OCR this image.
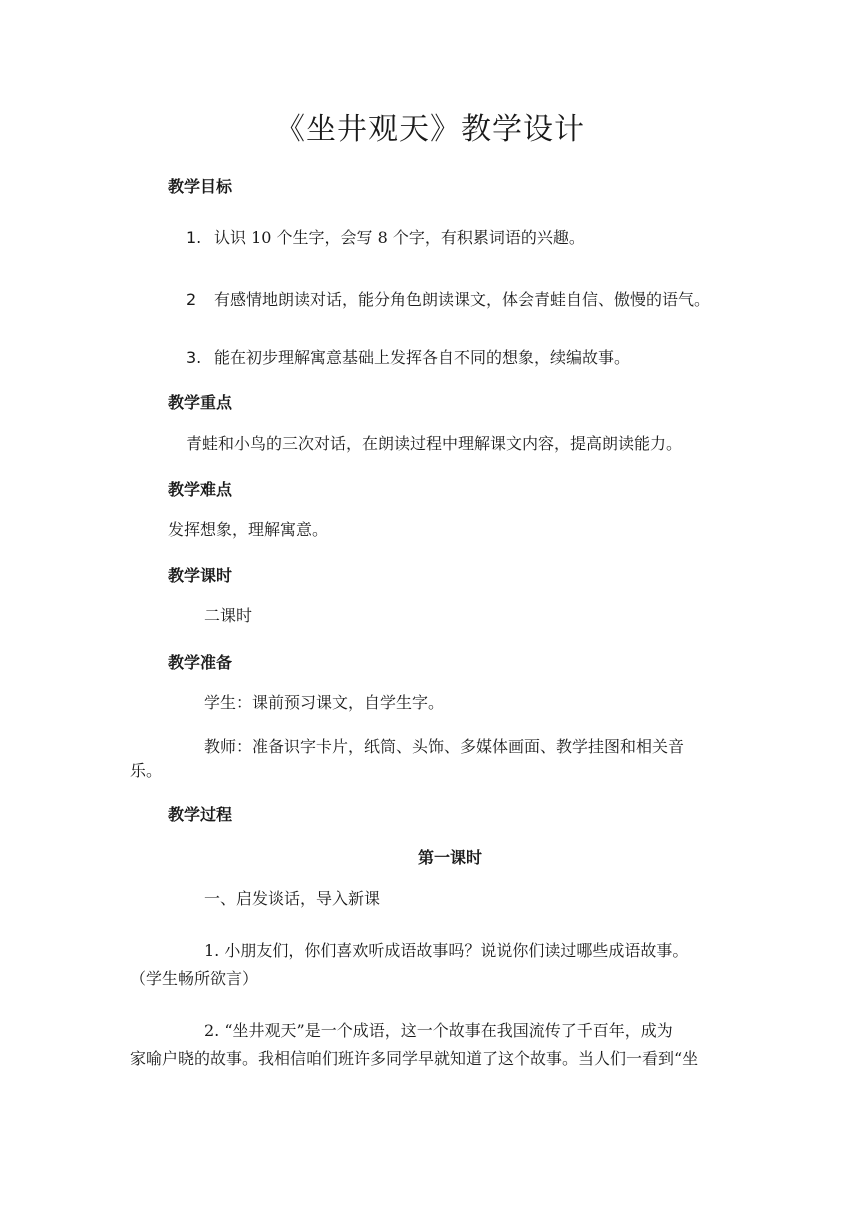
《坐井观天》教学设计
教学目标
1. 认识 10 个生字，会写 8 个字，有积累词语的兴趣。
2 有感情地朗读对话，能分角色朗读课文，体会青蛙自信、傲慢的语气。
3. 能在初步理解寓意基础上发挥各自不同的想象，续编故事。
教学重点
青蛙和小鸟的三次对话，在朗读过程中理解课文内容，提高朗读能力。
教学难点
发挥想象，理解寓意。
教学课时
二课时
教学准备
学生：课前预习课文，自学生字。
教师：准备识字卡片，纸筒、头饰、多媒体画面、教学挂图和相关音
乐。
教学过程
第一课时
一、启发谈话，导入新课
1. 小朋友们，你们喜欢听成语故事吗？说说你们读过哪些成语故事。
（学生畅所欲言）
2. “坐井观天”是一个成语，这一个故事在我国流传了千百年，成为
家喻户晓的故事。我相信咱们班许多同学早就知道了这个故事。当人们一看到“坐
